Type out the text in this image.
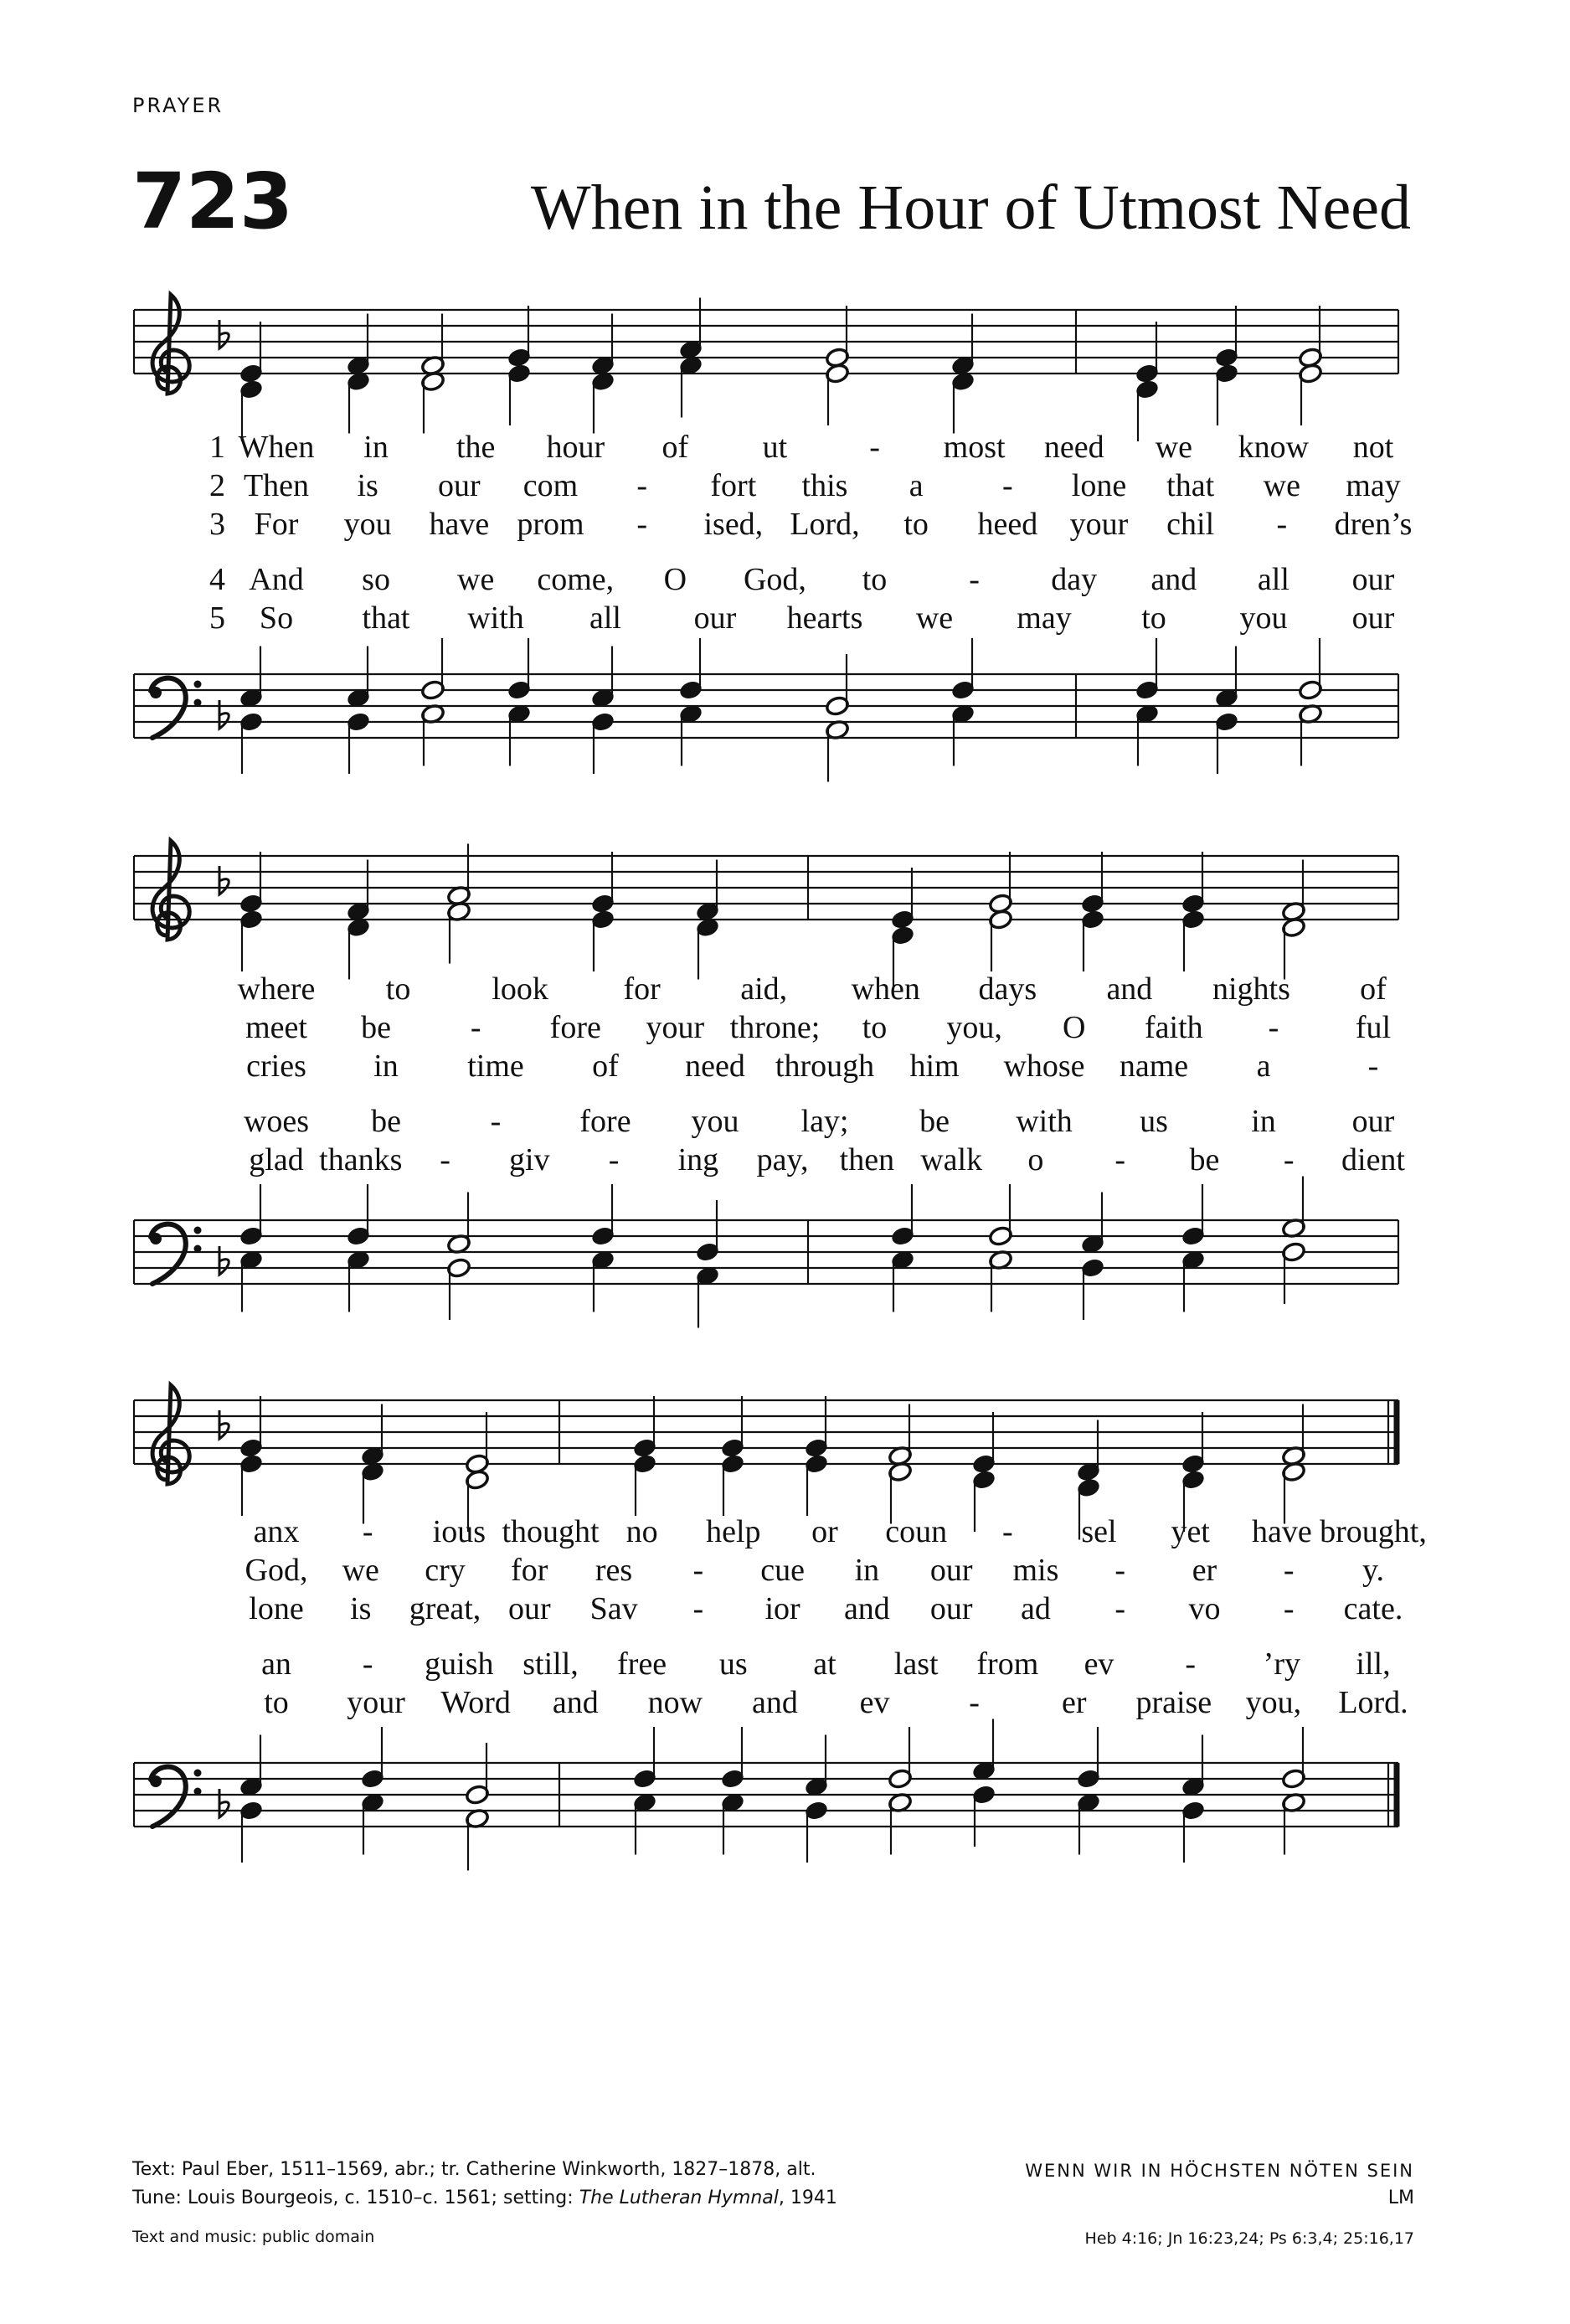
PRAYER
723	When in the Hour of Utmost Need
1 When in the hour of ut	- most need we know not
2 Then is our com - fort this a - lone that we may
3 For you have prom - ised, Lord, to heed your chil - dren’s
4 And so we come, O God, to	- day and all our
5 So that with all our hearts we may to you our
where to	look for	aid, when days and nights of
meet be - fore your throne; to you, O faith - ful
cries in time of need through him whose name a	-
woes be	- fore you lay; be with us	in our
glad thanks - giv - ing pay, then walk o - be - dient
anx - ious thought no help or coun - sel yet have brought,
God, we cry for res - cue in our mis - er - y.
lone is great, our Sav - ior and our ad - vo - cate.
an - guish still, free us at last from ev - ’ry ill,
to your Word and now and ev -	er praise you, Lord.
Text: Paul Eber, 1511–1569, abr.; tr. Catherine Winkworth, 1827–1878, alt.
Tune: Louis Bourgeois, c. 1510–c. 1561; setting: The Lutheran Hymnal, 1941
Text and music: public domain
WENN WIR IN HÖCHSTEN NÖTEN SEIN
LM
Heb 4:16; Jn 16:23,24; Ps 6:3,4; 25:16,17
